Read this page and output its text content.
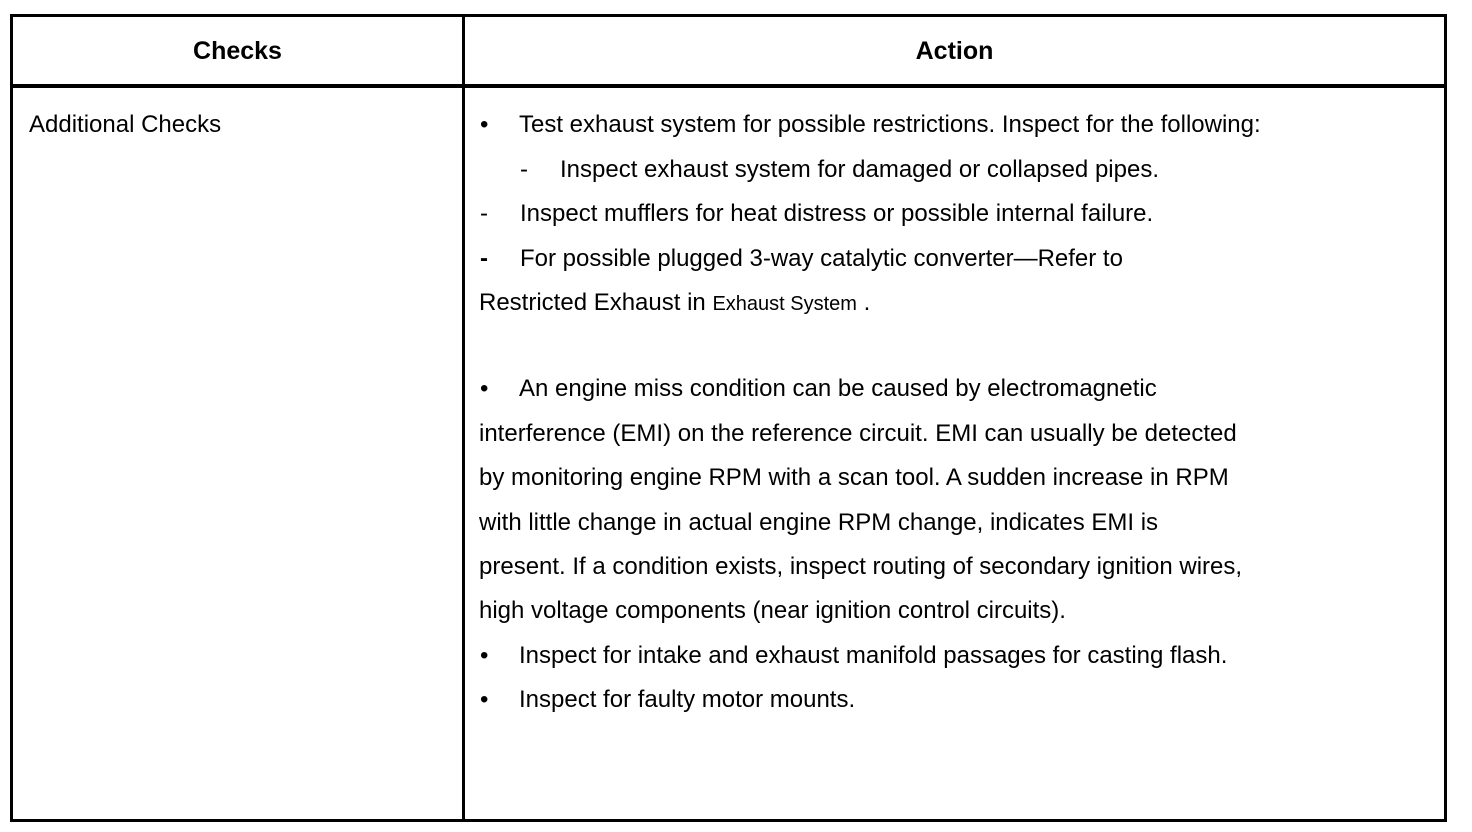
Checks	Action
Additional Checks	• Test exhaust system for possible restrictions. Inspect for the following:
- Inspect exhaust system for damaged or collapsed pipes.
- Inspect mufflers for heat distress or possible internal failure.
- For possible plugged 3-way catalytic converter—Refer to
Restricted Exhaust in Exhaust System .
• An engine miss condition can be caused by electromagnetic
interference (EMI) on the reference circuit. EMI can usually be detected
by monitoring engine RPM with a scan tool. A sudden increase in RPM
with little change in actual engine RPM change, indicates EMI is
present. If a condition exists, inspect routing of secondary ignition wires,
high voltage components (near ignition control circuits).
• Inspect for intake and exhaust manifold passages for casting flash.
• Inspect for faulty motor mounts.
